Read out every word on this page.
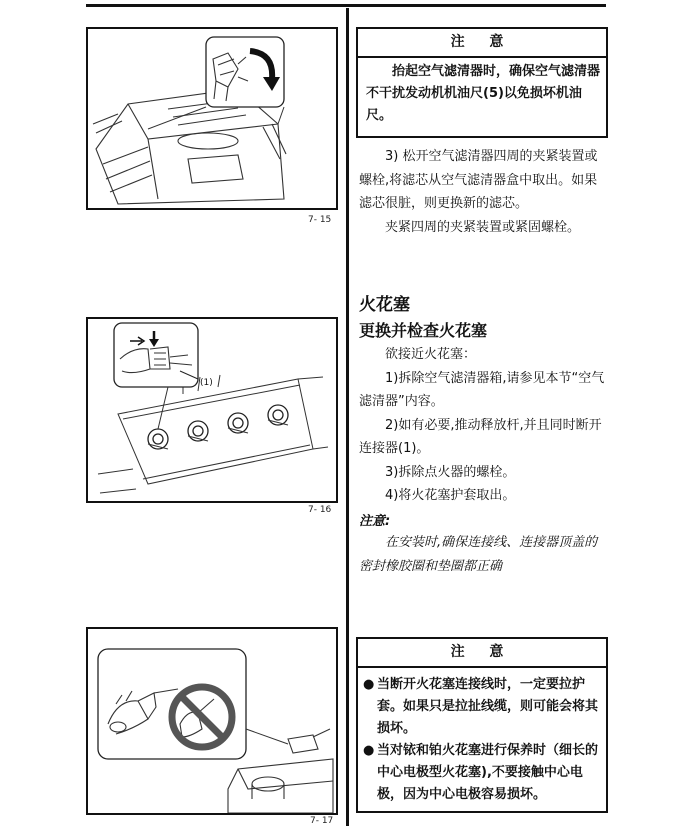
7- 15
注 意

抬起空气滤清器时，确保空气滤清器不干扰发动机机油尺(5)以免损坏机油尺。

3) 松开空气滤清器四周的夹紧装置或螺栓,将滤芯从空气滤清器盒中取出。如果滤芯很脏，则更换新的滤芯。

夹紧四周的夹紧装置或紧固螺栓。

火花塞
更换并检查火花塞

欲接近火花塞：

1)拆除空气滤清器箱,请参见本节“空气滤清器”内容。

2)如有必要,推动释放杆,并且同时断开连接器(1)。

3)拆除点火器的螺栓。

4)将火花塞护套取出。

注意:

在安装时,确保连接线、连接器顶盖的密封橡胶圈和垫圈都正确

(1)
7- 16
7- 17
注 意
● 当断开火花塞连接线时，一定要拉护套。如果只是拉扯线缆，则可能会将其损坏。

● 当对铱和铂火花塞进行保养时（细长的中心电极型火花塞),不要接触中心电极，因为中心电极容易损坏。
